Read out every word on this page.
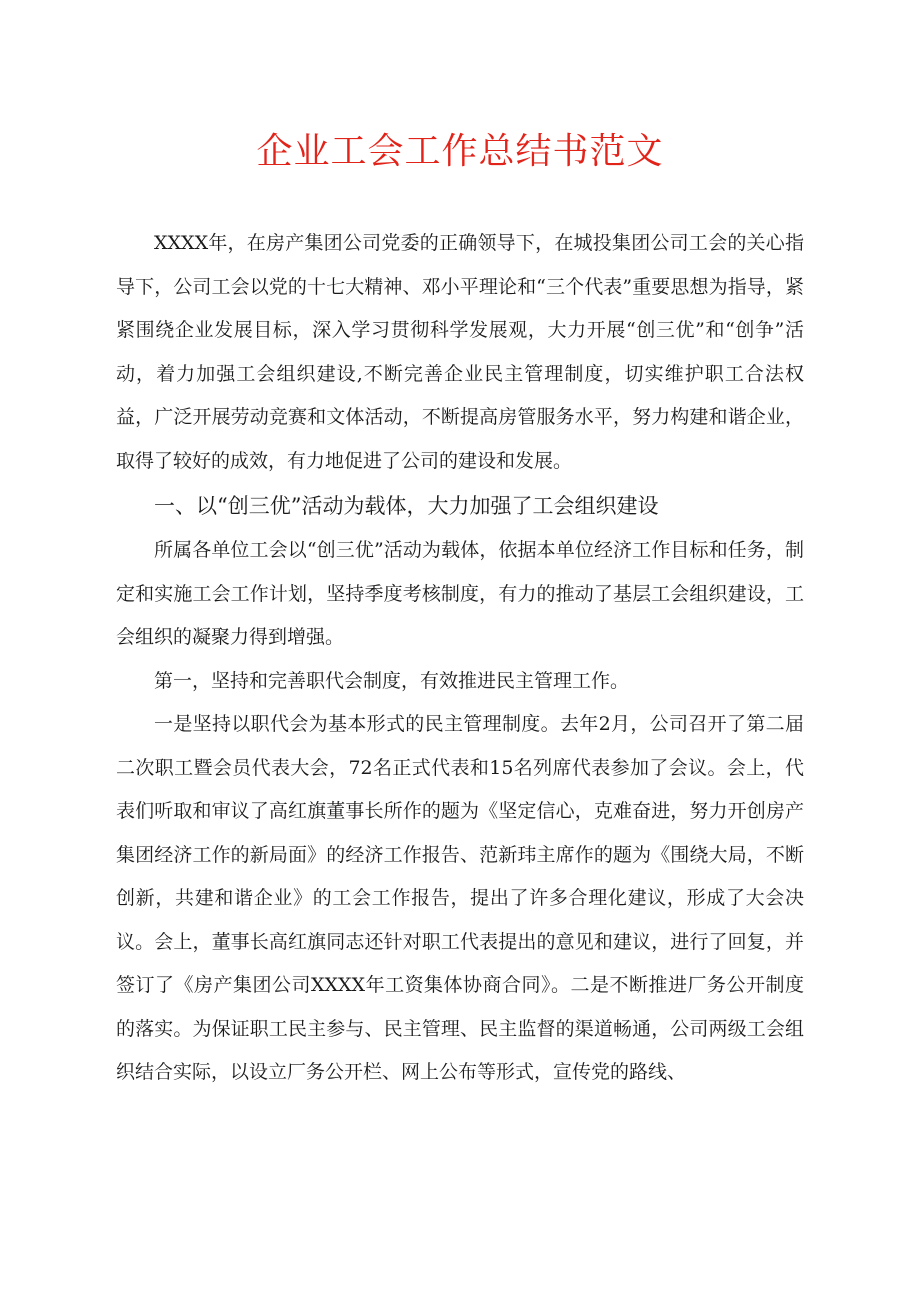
企业工会工作总结书范文

XXXX年，在房产集团公司党委的正确领导下，在城投集团公司工会的关心指导下，公司工会以党的十七大精神、邓小平理论和“三个代表”重要思想为指导，紧紧围绕企业发展目标，深入学习贯彻科学发展观，大力开展“创三优”和“创争”活动，着力加强工会组织建设,不断完善企业民主管理制度，切实维护职工合法权益，广泛开展劳动竞赛和文体活动，不断提高房管服务水平，努力构建和谐企业，取得了较好的成效，有力地促进了公司的建设和发展。

一、以“创三优”活动为载体，大力加强了工会组织建设

所属各单位工会以“创三优”活动为载体，依据本单位经济工作目标和任务，制定和实施工会工作计划，坚持季度考核制度，有力的推动了基层工会组织建设，工会组织的凝聚力得到增强。

第一，坚持和完善职代会制度，有效推进民主管理工作。

一是坚持以职代会为基本形式的民主管理制度。去年2月，公司召开了第二届二次职工暨会员代表大会，72名正式代表和15名列席代表参加了会议。会上，代表们听取和审议了高红旗董事长所作的题为《坚定信心，克难奋进，努力开创房产集团经济工作的新局面》的经济工作报告、范新玮主席作的题为《围绕大局，不断创新，共建和谐企业》的工会工作报告，提出了许多合理化建议，形成了大会决议。会上，董事长高红旗同志还针对职工代表提出的意见和建议，进行了回复，并签订了《房产集团公司XXXX年工资集体协商合同》。二是不断推进厂务公开制度的落实。为保证职工民主参与、民主管理、民主监督的渠道畅通，公司两级工会组织结合实际，以设立厂务公开栏、网上公布等形式，宣传党的路线、
